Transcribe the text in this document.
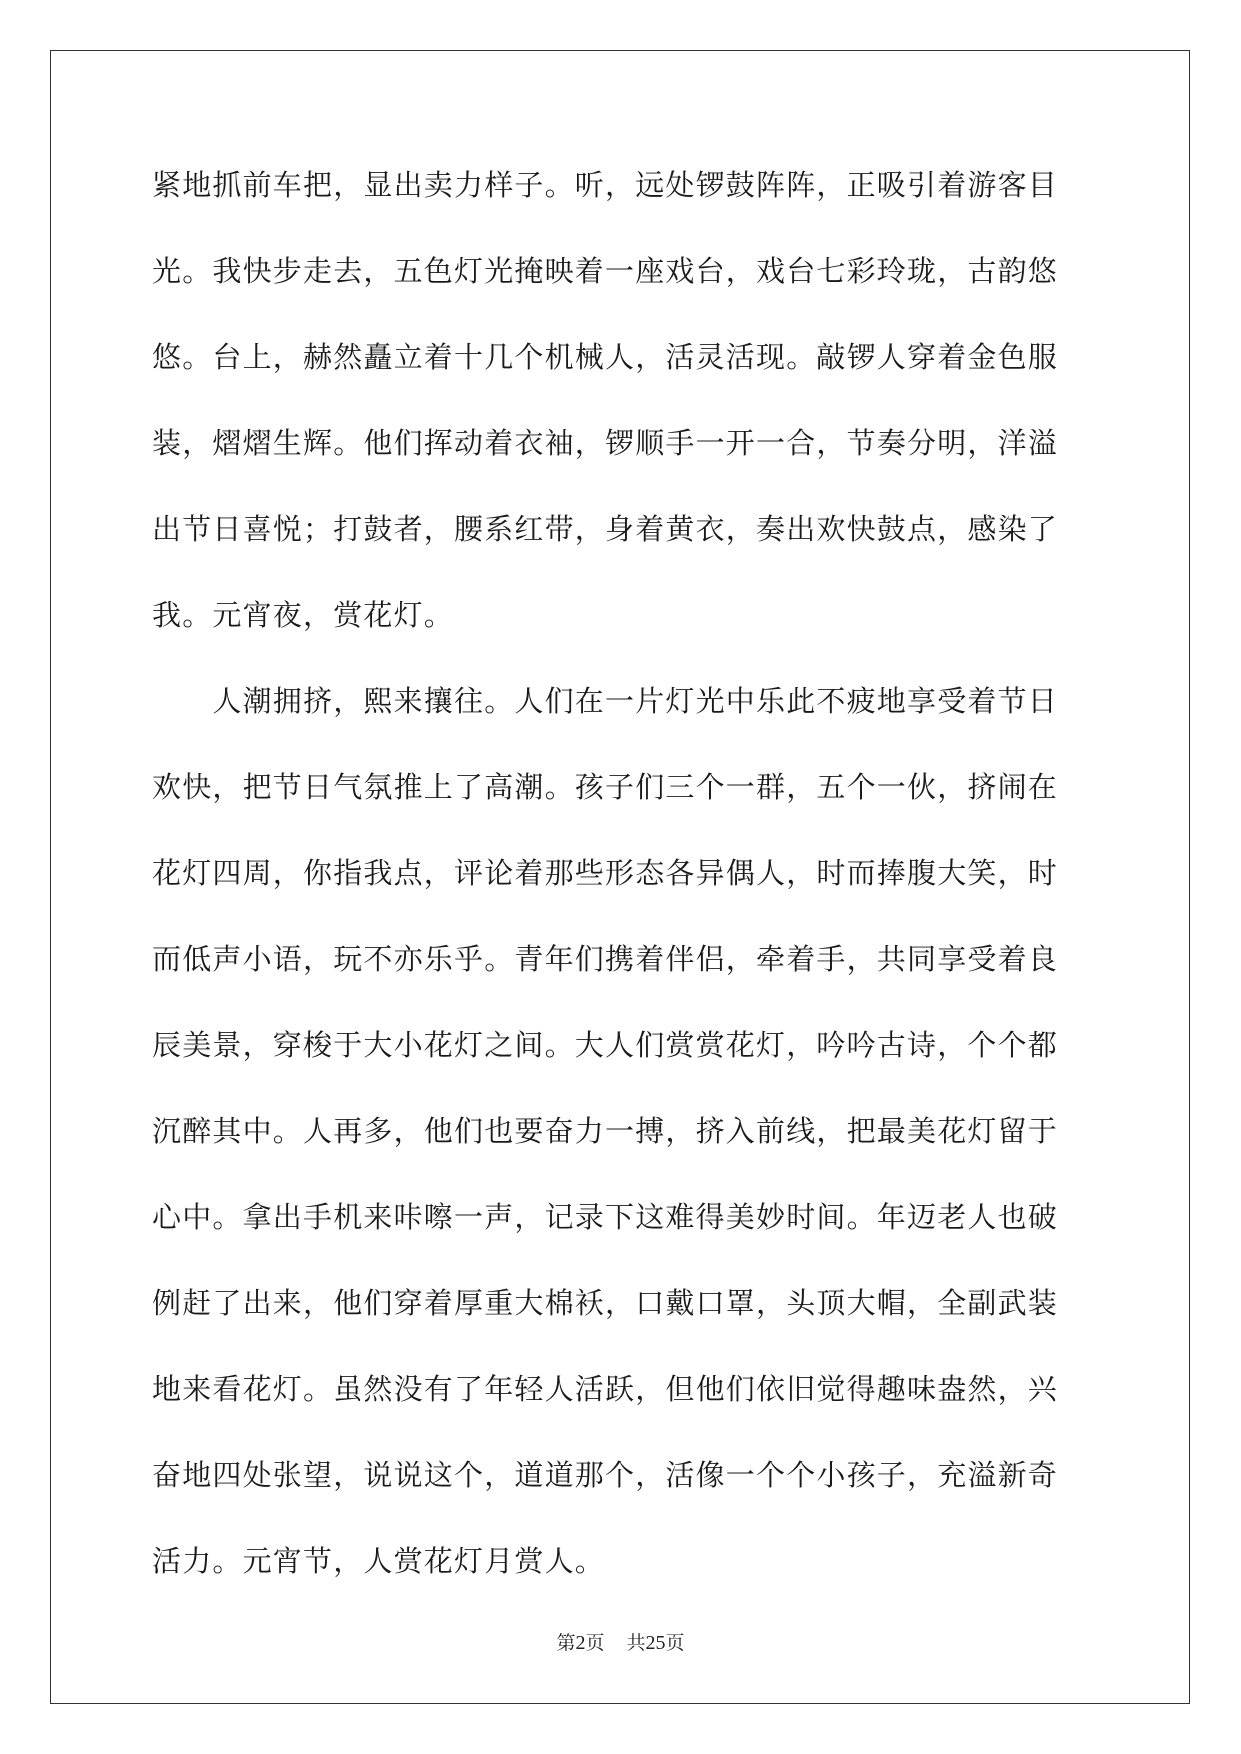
紧地抓前车把，显出卖力样子。听，远处锣鼓阵阵，正吸引着游客目
光。我快步走去，五色灯光掩映着一座戏台，戏台七彩玲珑，古韵悠
悠。台上，赫然矗立着十几个机械人，活灵活现。敲锣人穿着金色服
装，熠熠生辉。他们挥动着衣袖，锣顺手一开一合，节奏分明，洋溢
出节日喜悦；打鼓者，腰系红带，身着黄衣，奏出欢快鼓点，感染了
我。元宵夜，赏花灯。
　　人潮拥挤，熙来攘往。人们在一片灯光中乐此不疲地享受着节日
欢快，把节日气氛推上了高潮。孩子们三个一群，五个一伙，挤闹在
花灯四周，你指我点，评论着那些形态各异偶人，时而捧腹大笑，时
而低声小语，玩不亦乐乎。青年们携着伴侣，牵着手，共同享受着良
辰美景，穿梭于大小花灯之间。大人们赏赏花灯，吟吟古诗，个个都
沉醉其中。人再多，他们也要奋力一搏，挤入前线，把最美花灯留于
心中。拿出手机来咔嚓一声，记录下这难得美妙时间。年迈老人也破
例赶了出来，他们穿着厚重大棉袄，口戴口罩，头顶大帽，全副武装
地来看花灯。虽然没有了年轻人活跃，但他们依旧觉得趣味盎然，兴
奋地四处张望，说说这个，道道那个，活像一个个小孩子，充溢新奇
活力。元宵节，人赏花灯月赏人。
第2页 共25页
